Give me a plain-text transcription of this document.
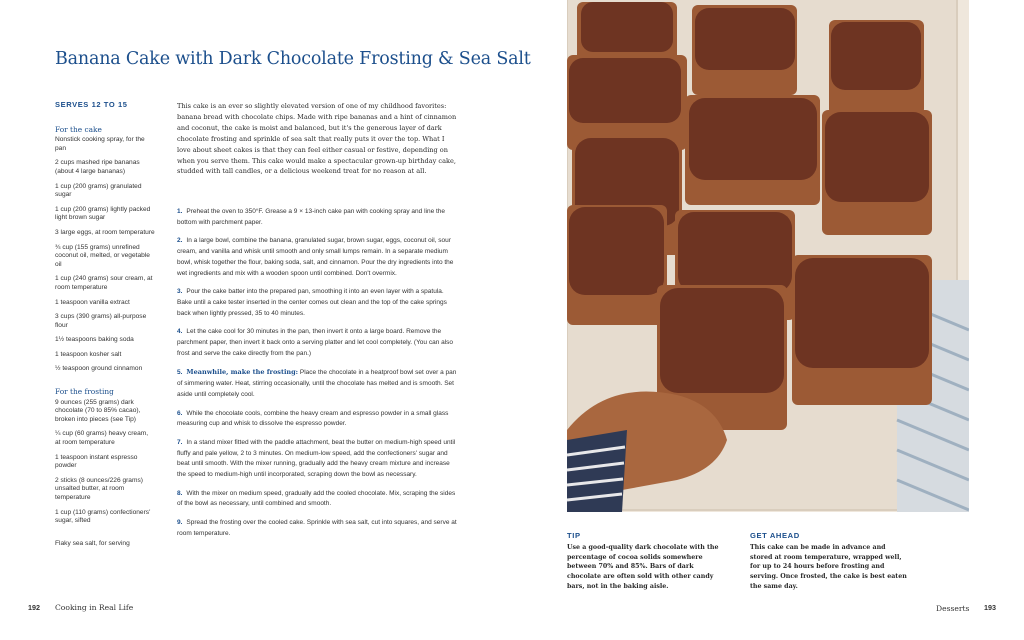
Banana Cake with Dark Chocolate Frosting & Sea Salt
SERVES 12 TO 15
For the cake
Nonstick cooking spray, for the pan
2 cups mashed ripe bananas (about 4 large bananas)
1 cup (200 grams) granulated sugar
1 cup (200 grams) lightly packed light brown sugar
3 large eggs, at room temperature
¾ cup (155 grams) unrefined coconut oil, melted, or vegetable oil
1 cup (240 grams) sour cream, at room temperature
1 teaspoon vanilla extract
3 cups (390 grams) all-purpose flour
1½ teaspoons baking soda
1 teaspoon kosher salt
½ teaspoon ground cinnamon
For the frosting
9 ounces (255 grams) dark chocolate (70 to 85% cacao), broken into pieces (see Tip)
¼ cup (60 grams) heavy cream, at room temperature
1 teaspoon instant espresso powder
2 sticks (8 ounces/226 grams) unsalted butter, at room temperature
1 cup (110 grams) confectioners' sugar, sifted
Flaky sea salt, for serving

This cake is an ever so slightly elevated version of one of my childhood favorites: banana bread with chocolate chips. Made with ripe bananas and a hint of cinnamon and coconut, the cake is moist and balanced, but it's the generous layer of dark chocolate frosting and sprinkle of sea salt that really puts it over the top. What I love about sheet cakes is that they can feel either casual or festive, depending on when you serve them. This cake would make a spectacular grown-up birthday cake, studded with tall candles, or a delicious weekend treat for no reason at all.

1. Preheat the oven to 350°F. Grease a 9 × 13-inch cake pan with cooking spray and line the bottom with parchment paper.
2. In a large bowl, combine the banana, granulated sugar, brown sugar, eggs, coconut oil, sour cream, and vanilla and whisk until smooth and only small lumps remain. In a separate medium bowl, whisk together the flour, baking soda, salt, and cinnamon. Pour the dry ingredients into the wet ingredients and mix with a wooden spoon until combined. Don't overmix.
3. Pour the cake batter into the prepared pan, smoothing it into an even layer with a spatula. Bake until a cake tester inserted in the center comes out clean and the top of the cake springs back when lightly pressed, 35 to 40 minutes.
4. Let the cake cool for 30 minutes in the pan, then invert it onto a large board. Remove the parchment paper, then invert it back onto a serving platter and let cool completely. (You can also frost and serve the cake directly from the pan.)
5. Meanwhile, make the frosting: Place the chocolate in a heatproof bowl set over a pan of simmering water. Heat, stirring occasionally, until the chocolate has melted and is smooth. Set aside until completely cool.
6. While the chocolate cools, combine the heavy cream and espresso powder in a small glass measuring cup and whisk to dissolve the espresso powder.
7. In a stand mixer fitted with the paddle attachment, beat the butter on medium-high speed until fluffy and pale yellow, 2 to 3 minutes. On medium-low speed, add the confectioners' sugar and beat until smooth. With the mixer running, gradually add the heavy cream mixture and increase the speed to medium-high until incorporated, scraping down the bowl as necessary.
8. With the mixer on medium speed, gradually add the cooled chocolate. Mix, scraping the sides of the bowl as necessary, until combined and smooth.
9. Spread the frosting over the cooled cake. Sprinkle with sea salt, cut into squares, and serve at room temperature.
192 Cooking in Real Life
TIP
Use a good-quality dark chocolate with the percentage of cocoa solids somewhere between 70% and 85%. Bars of dark chocolate are often sold with other candy bars, not in the baking aisle.
GET AHEAD
This cake can be made in advance and stored at room temperature, wrapped well, for up to 24 hours before frosting and serving. Once frosted, the cake is best eaten the same day.
Desserts 193
